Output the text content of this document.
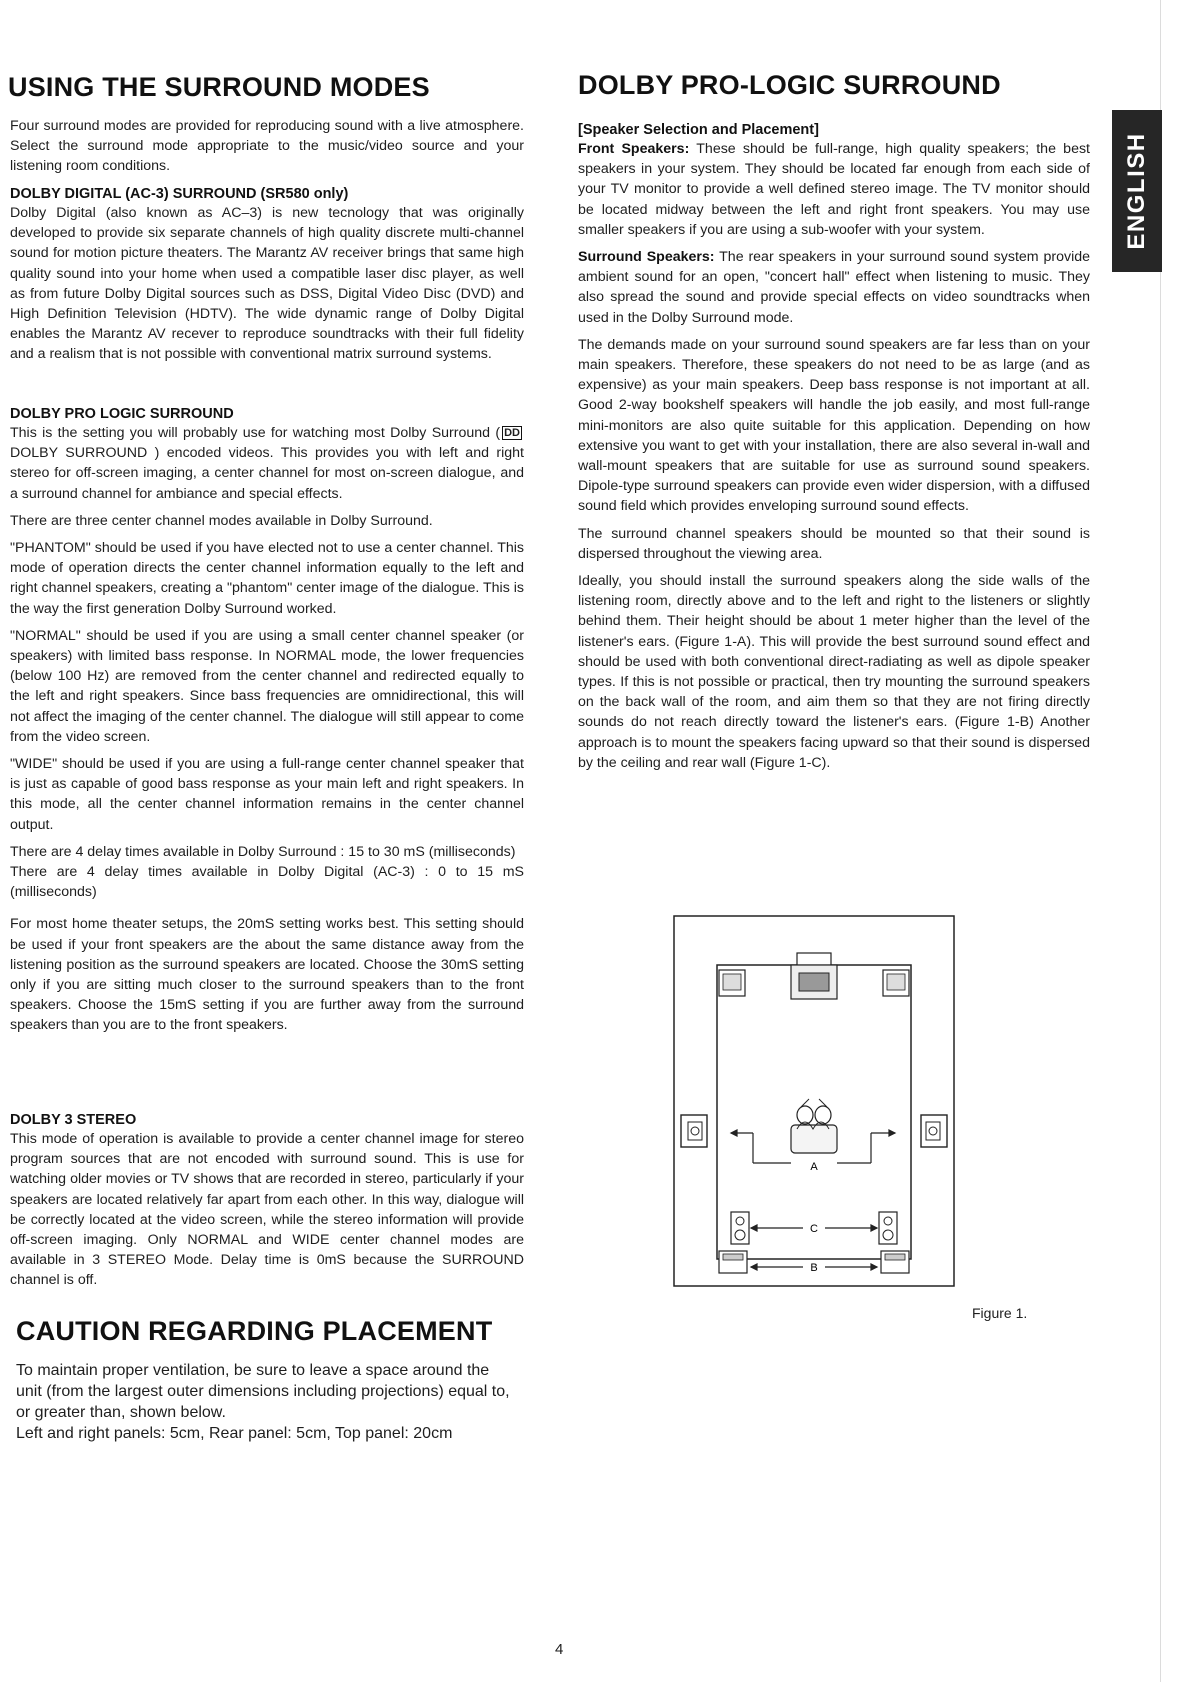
USING THE SURROUND MODES

Four surround modes are provided for reproducing sound with a live atmosphere. Select the surround mode appropriate to the music/video source and your listening room conditions.

DOLBY DIGITAL (AC-3) SURROUND (SR580 only)

Dolby Digital (also known as AC–3) is new tecnology that was originally developed to provide six separate channels of high quality discrete multi-channel sound for motion picture theaters. The Marantz AV receiver brings that same high quality sound into your home when used a compatible laser disc player, as well as from future Dolby Digital sources such as DSS, Digital Video Disc (DVD) and High Definition Television (HDTV). The wide dynamic range of Dolby Digital enables the Marantz AV recever to reproduce soundtracks with their full fidelity and a realism that is not possible with conventional matrix surround systems.

DOLBY PRO LOGIC SURROUND

This is the setting you will probably use for watching most Dolby Surround ( DD DOLBY SURROUND ) encoded videos. This provides you with left and right stereo for off-screen imaging, a center channel for most on-screen dialogue, and a surround channel for ambiance and special effects.

There are three center channel modes available in Dolby Surround.

"PHANTOM" should be used if you have elected not to use a center channel. This mode of operation directs the center channel information equally to the left and right channel speakers, creating a "phantom" center image of the dialogue. This is the way the first generation Dolby Surround worked.

"NORMAL" should be used if you are using a small center channel speaker (or speakers) with limited bass response. In NORMAL mode, the lower frequencies (below 100 Hz) are removed from the center channel and redirected equally to the left and right speakers. Since bass frequencies are omnidirectional, this will not affect the imaging of the center channel. The dialogue will still appear to come from the video screen.

"WIDE" should be used if you are using a full-range center channel speaker that is just as capable of good bass response as your main left and right speakers. In this mode, all the center channel information remains in the center channel output.

There are 4 delay times available in Dolby Surround : 15 to 30 mS (milliseconds)

There are 4 delay times available in Dolby Digital (AC-3) : 0 to 15 mS (milliseconds)

For most home theater setups, the 20mS setting works best. This setting should be used if your front speakers are the about the same distance away from the listening position as the surround speakers are located. Choose the 30mS setting only if you are sitting much closer to the surround speakers than to the front speakers. Choose the 15mS setting if you are further away from the surround speakers than you are to the front speakers.

DOLBY 3 STEREO

This mode of operation is available to provide a center channel image for stereo program sources that are not encoded with surround sound. This is use for watching older movies or TV shows that are recorded in stereo, particularly if your speakers are located relatively far apart from each other. In this way, dialogue will be correctly located at the video screen, while the stereo information will provide off-screen imaging. Only NORMAL and WIDE center channel modes are available in 3 STEREO Mode. Delay time is 0mS because the SURROUND channel is off.

CAUTION REGARDING PLACEMENT

To maintain proper ventilation, be sure to leave a space around the unit (from the largest outer dimensions including projections) equal to, or greater than, shown below.

Left and right panels: 5cm, Rear panel: 5cm, Top panel: 20cm

DOLBY PRO-LOGIC SURROUND
[Speaker Selection and Placement]

Front Speakers: These should be full-range, high quality speakers; the best speakers in your system. They should be located far enough from each side of your TV monitor to provide a well defined stereo image. The TV monitor should be located midway between the left and right front speakers. You may use smaller speakers if you are using a sub-woofer with your system.

Surround Speakers: The rear speakers in your surround sound system provide ambient sound for an open, "concert hall" effect when listening to music. They also spread the sound and provide special effects on video soundtracks when used in the Dolby Surround mode.

The demands made on your surround sound speakers are far less than on your main speakers. Therefore, these speakers do not need to be as large (and as expensive) as your main speakers. Deep bass response is not important at all. Good 2-way bookshelf speakers will handle the job easily, and most full-range mini-monitors are also quite suitable for this application. Depending on how extensive you want to get with your installation, there are also several in-wall and wall-mount speakers that are suitable for use as surround sound speakers. Dipole-type surround speakers can provide even wider dispersion, with a diffused sound field which provides enveloping surround sound effects.

The surround channel speakers should be mounted so that their sound is dispersed throughout the viewing area.

Ideally, you should install the surround speakers along the side walls of the listening room, directly above and to the left and right to the listeners or slightly behind them. Their height should be about 1 meter higher than the level of the listener's ears. (Figure 1-A). This will provide the best surround sound effect and should be used with both conventional direct-radiating as well as dipole speaker types. If this is not possible or practical, then try mounting the surround speakers on the back wall of the room, and aim them so that they are not firing directly sounds do not reach directly toward the listener's ears. (Figure 1-B) Another approach is to mount the speakers facing upward so that their sound is dispersed by the ceiling and rear wall (Figure 1-C).

ENGLISH
A
C
B
Figure 1.
4
